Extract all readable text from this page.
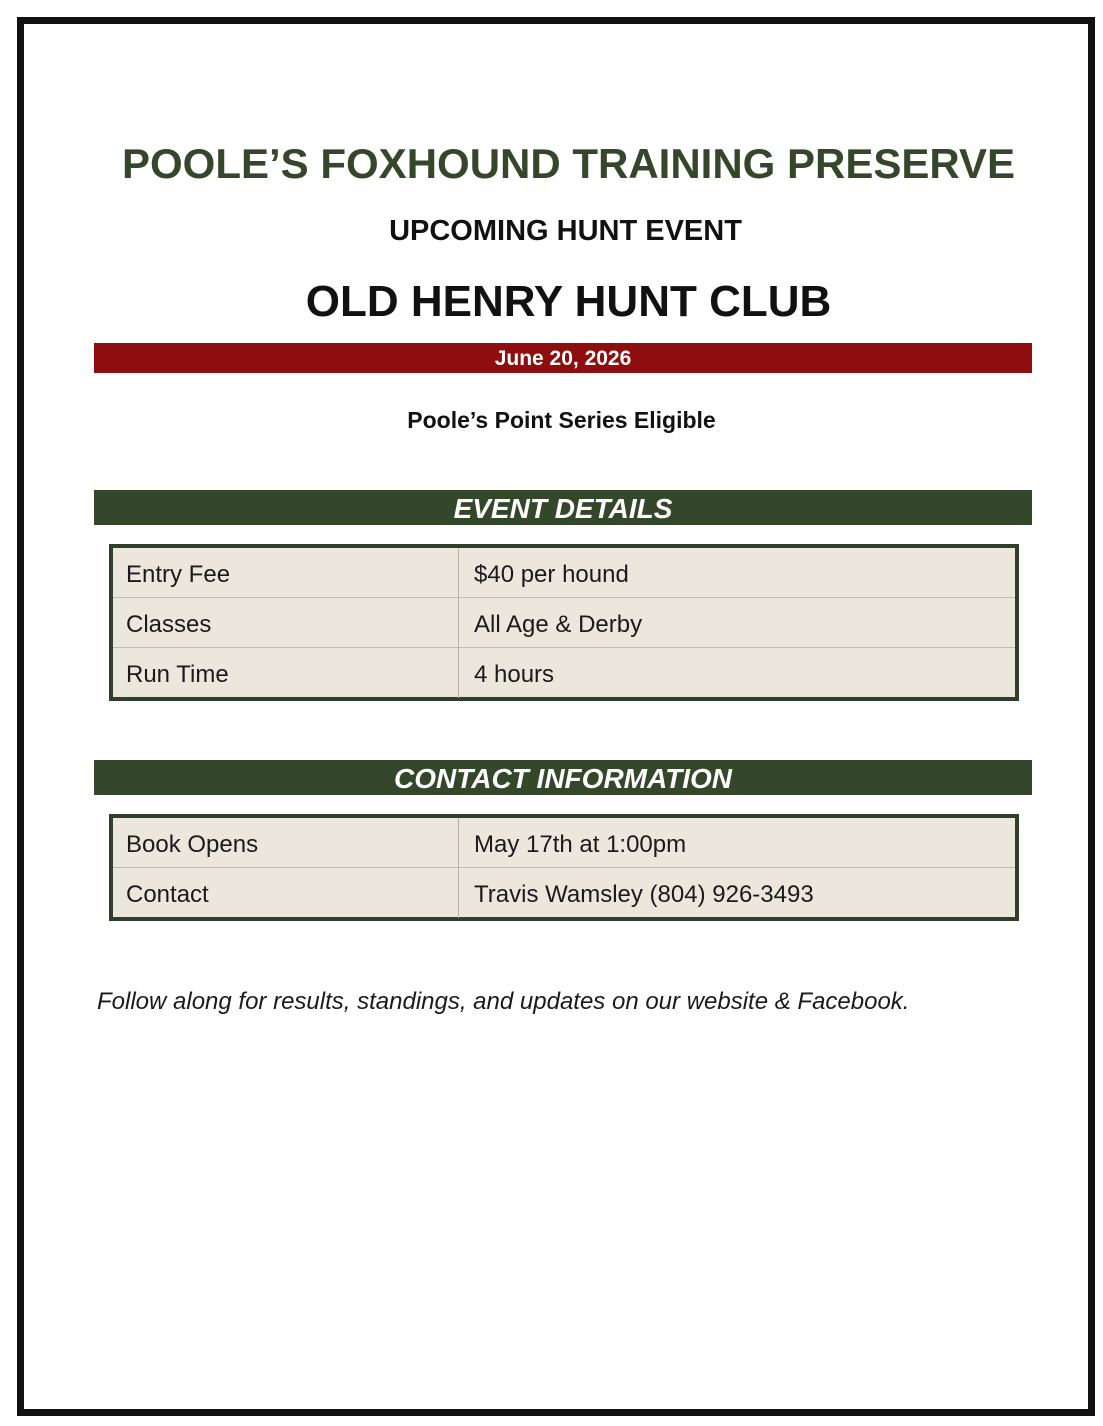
POOLE’S FOXHOUND TRAINING PRESERVE
UPCOMING HUNT EVENT
OLD HENRY HUNT CLUB
June 20, 2026
Poole’s Point Series Eligible
EVENT DETAILS
Entry Fee	$40 per hound
Classes	All Age & Derby
Run Time	4 hours
CONTACT INFORMATION
Book Opens	May 17th at 1:00pm
Contact	Travis Wamsley (804) 926-3493
Follow along for results, standings, and updates on our website & Facebook.
